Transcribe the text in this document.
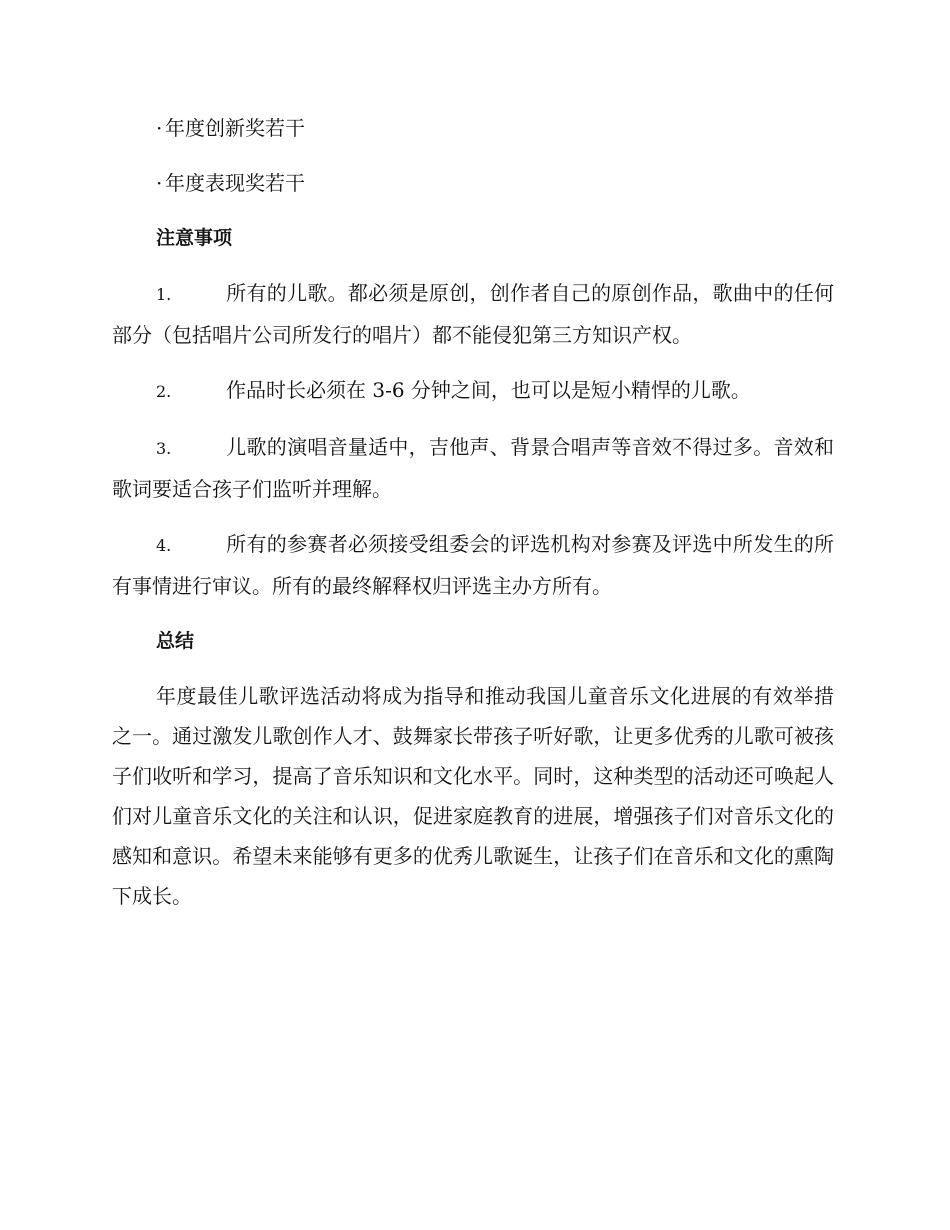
· 年度创新奖若干
· 年度表现奖若干
注意事项
1.	所有的儿歌。都必须是原创，创作者自己的原创作品，歌曲中的任何部分（包括唱片公司所发行的唱片）都不能侵犯第三方知识产权。
2.	作品时长必须在 3-6 分钟之间，也可以是短小精悍的儿歌。
3.	儿歌的演唱音量适中，吉他声、背景合唱声等音效不得过多。音效和歌词要适合孩子们监听并理解。
4.	所有的参赛者必须接受组委会的评选机构对参赛及评选中所发生的所有事情进行审议。所有的最终解释权归评选主办方所有。
总结

年度最佳儿歌评选活动将成为指导和推动我国儿童音乐文化进展的有效举措之一。通过激发儿歌创作人才、鼓舞家长带孩子听好歌，让更多优秀的儿歌可被孩子们收听和学习，提高了音乐知识和文化水平。同时，这种类型的活动还可唤起人们对儿童音乐文化的关注和认识，促进家庭教育的进展，增强孩子们对音乐文化的感知和意识。希望未来能够有更多的优秀儿歌诞生，让孩子们在音乐和文化的熏陶下成长。
